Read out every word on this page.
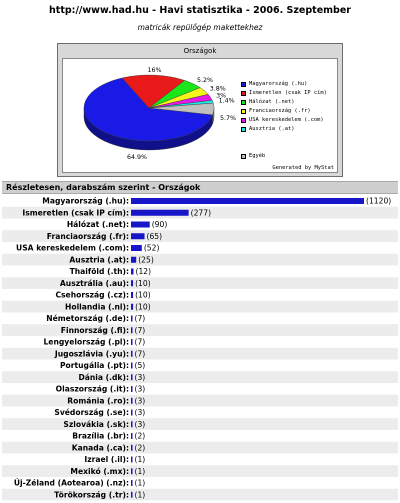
http://www.had.hu - Havi statisztika - 2006. Szeptember
matricák repülőgép makettekhez
Országok
64.9%
16%
5.2%
3.8%
3%
1.4%
5.7%
Magyarország (.hu)
Ismeretlen (csak IP cím)
Hálózat (.net)
Franciaország (.fr)
USA kereskedelem (.com)
Ausztria (.at)
Egyéb
Generated by MyStat
Részletesen, darabszám szerint - Országok
Magyarország (.hu):	(1120)
Ismeretlen (csak IP cím):	(277)
Hálózat (.net):	(90)
Franciaország (.fr): (65)
USA kereskedelem (.com): (52)
Ausztria (.at): (25)
Thaiföld (.th): (12)
Ausztrália (.au): (10)
Csehország (.cz): (10)
Hollandia (.nl): (10)
Németország (.de): (7)
Finnország (.fi): (7)
Lengyelország (.pl): (7)
Jugoszlávia (.yu): (7)
Portugália (.pt): (5)
Dánia (.dk): (3)
Olaszország (.it): (3)
Románia (.ro): (3)
Svédország (.se): (3)
Szlovákia (.sk): (3)
Brazília (.br): (2)
Kanada (.ca): (2)
Izrael (.il): (1)
Mexikó (.mx): (1)
Új-Zéland (Aotearoa) (.nz): (1)
Törökország (.tr): (1)
